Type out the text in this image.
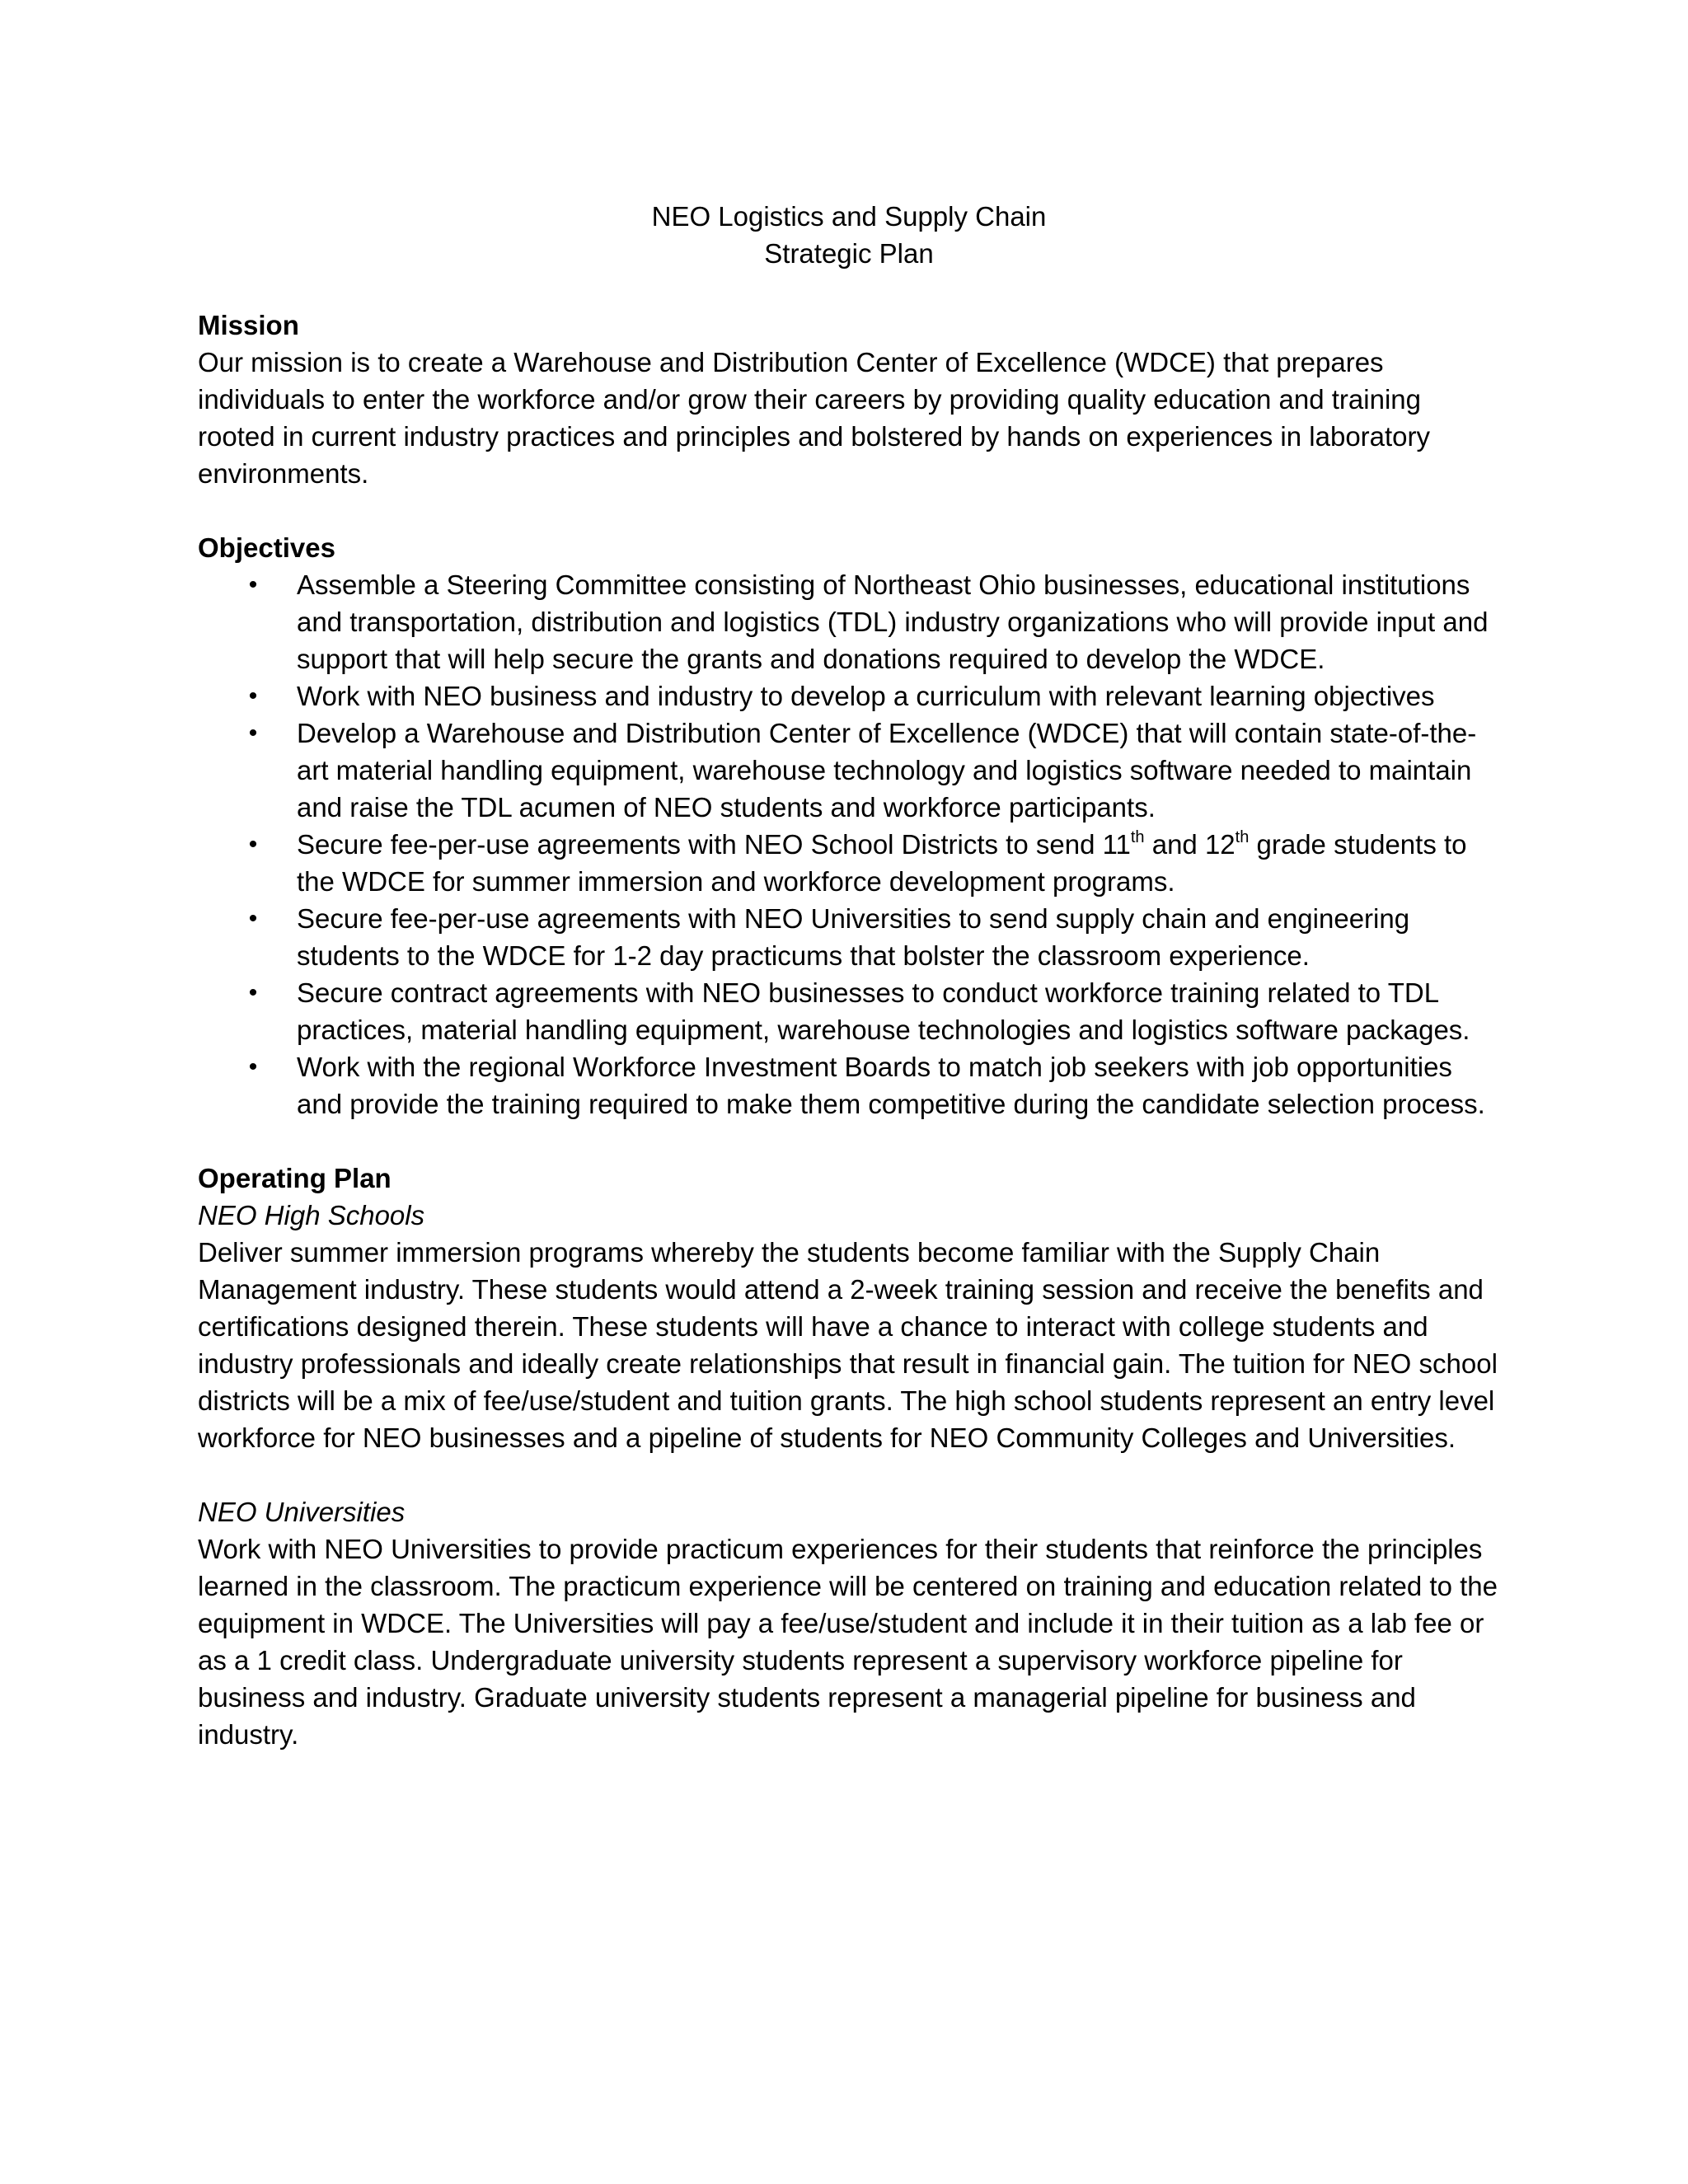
NEO Logistics and Supply Chain
Strategic Plan

Mission

Our mission is to create a Warehouse and Distribution Center of Excellence (WDCE) that prepares individuals to enter the workforce and/or grow their careers by providing quality education and training rooted in current industry practices and principles and bolstered by hands on experiences in laboratory environments.

Objectives

• Assemble a Steering Committee consisting of Northeast Ohio businesses, educational institutions and transportation, distribution and logistics (TDL) industry organizations who will provide input and support that will help secure the grants and donations required to develop the WDCE.
• Work with NEO business and industry to develop a curriculum with relevant learning objectives
• Develop a Warehouse and Distribution Center of Excellence (WDCE) that will contain state-of-the-art material handling equipment, warehouse technology and logistics software needed to maintain and raise the TDL acumen of NEO students and workforce participants.
• Secure fee-per-use agreements with NEO School Districts to send 11th and 12th grade students to the WDCE for summer immersion and workforce development programs.
• Secure fee-per-use agreements with NEO Universities to send supply chain and engineering students to the WDCE for 1-2 day practicums that bolster the classroom experience.
• Secure contract agreements with NEO businesses to conduct workforce training related to TDL practices, material handling equipment, warehouse technologies and logistics software packages.
• Work with the regional Workforce Investment Boards to match job seekers with job opportunities and provide the training required to make them competitive during the candidate selection process.

Operating Plan

NEO High Schools

Deliver summer immersion programs whereby the students become familiar with the Supply Chain Management industry. These students would attend a 2-week training session and receive the benefits and certifications designed therein. These students will have a chance to interact with college students and industry professionals and ideally create relationships that result in financial gain. The tuition for NEO school districts will be a mix of fee/use/student and tuition grants. The high school students represent an entry level workforce for NEO businesses and a pipeline of students for NEO Community Colleges and Universities.

NEO Universities

Work with NEO Universities to provide practicum experiences for their students that reinforce the principles learned in the classroom. The practicum experience will be centered on training and education related to the equipment in WDCE. The Universities will pay a fee/use/student and include it in their tuition as a lab fee or as a 1 credit class. Undergraduate university students represent a supervisory workforce pipeline for business and industry. Graduate university students represent a managerial pipeline for business and industry.
